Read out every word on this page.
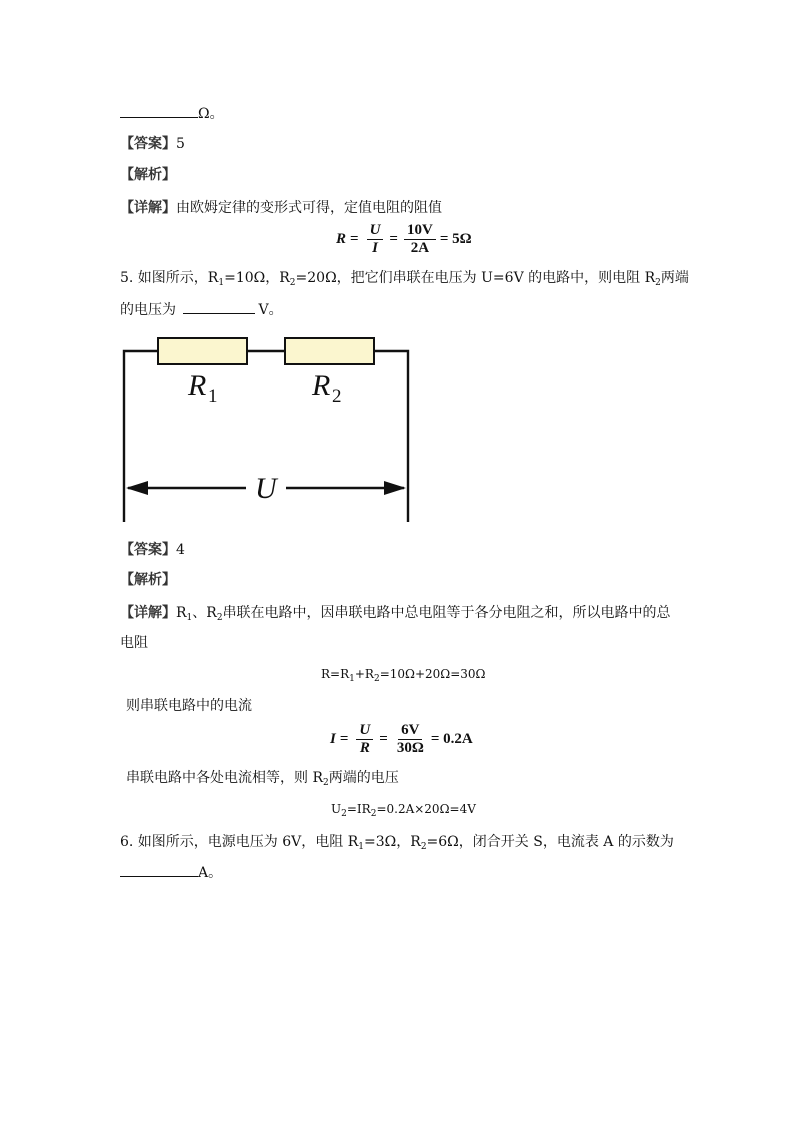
Ω。
【答案】5
【解析】
【详解】由欧姆定律的变形式可得，定值电阻的阻值
$R = \frac{U}{I} = \frac{10V}{2A} = 5\Omega$
5. 如图所示，$R_1=10\Omega$，$R_2=20\Omega$，把它们串联在电压为 U=6V 的电路中，则电阻 $R_2$两端
的电压为	V。
R 1	R 2
U
【答案】4
【解析】
【详解】$R_1$、$R_2$串联在电路中，因串联电路中总电阻等于各分电阻之和，所以电路中的总
电阻
$R=R_1+R_2=10\Omega+20\Omega=30\Omega$
则串联电路中的电流
$I = \frac{U}{R} = \frac{6V}{30\Omega} = 0.2A$
串联电路中各处电流相等，则 $R_2$两端的电压
$U_2=IR_2=0.2A\times 20\Omega=4V$
6. 如图所示，电源电压为 6V，电阻 $R_1=3\Omega$，$R_2=6\Omega$，闭合开关 S，电流表 A 的示数为
A。
